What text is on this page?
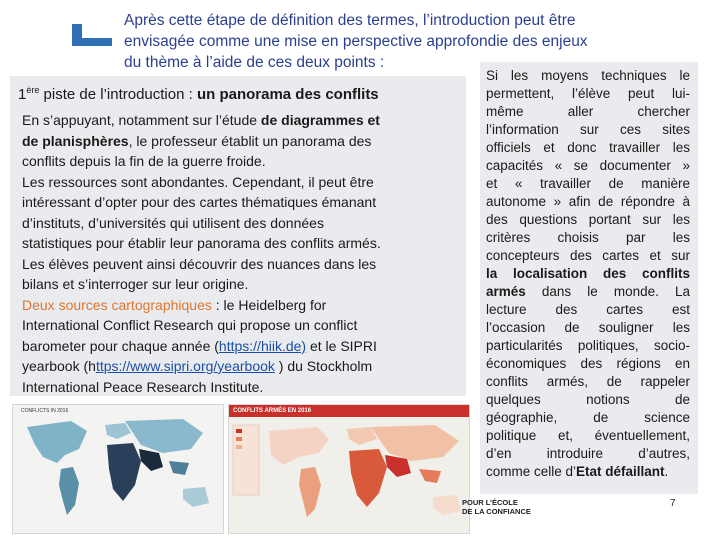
Après cette étape de définition des termes, l’introduction peut être
envisagée comme une mise en perspective approfondie des enjeux
du thème à l’aide de ces deux points :
1ère piste de l’introduction : un panorama des conflits
En s’appuyant, notamment sur l’étude de diagrammes et
de planisphères, le professeur établit un panorama des
conflits depuis la fin de la guerre froide.
Les ressources sont abondantes. Cependant, il peut être
intéressant d’opter pour des cartes thématiques émanant
d’instituts, d’universités qui utilisent des données
statistiques pour établir leur panorama des conflits armés.
Les élèves peuvent ainsi découvrir des nuances dans les
bilans et s’interroger sur leur origine.
Deux sources cartographiques : le Heidelberg for
International Conflict Research qui propose un conflict
barometer pour chaque année (https://hiik.de) et le SIPRI
yearbook (https://www.sipri.org/yearbook ) du Stockholm
International Peace Research Institute.
Si les moyens techniques le
permettent, l’élève peut lui-
même aller chercher
l’information sur ces sites
officiels et donc travailler les
capacités « se documenter »
et « travailler de manière
autonome » afin de répondre à
des questions portant sur les
critères choisis par les
concepteurs des cartes et sur
la localisation des conflits
armés dans le monde. La
lecture des cartes est
l’occasion de souligner les
particularités politiques, socio-
économiques des régions en
conflits armés, de rappeler
quelques notions de
géographie, de science
politique et, éventuellement,
d’en introduire d’autres,
comme celle d’Etat défaillant.
CONFLICTS IN 2016	CONFLITS ARMÉS EN 2016
POUR L’ÉCOLE
DE LA CONFIANCE
7
